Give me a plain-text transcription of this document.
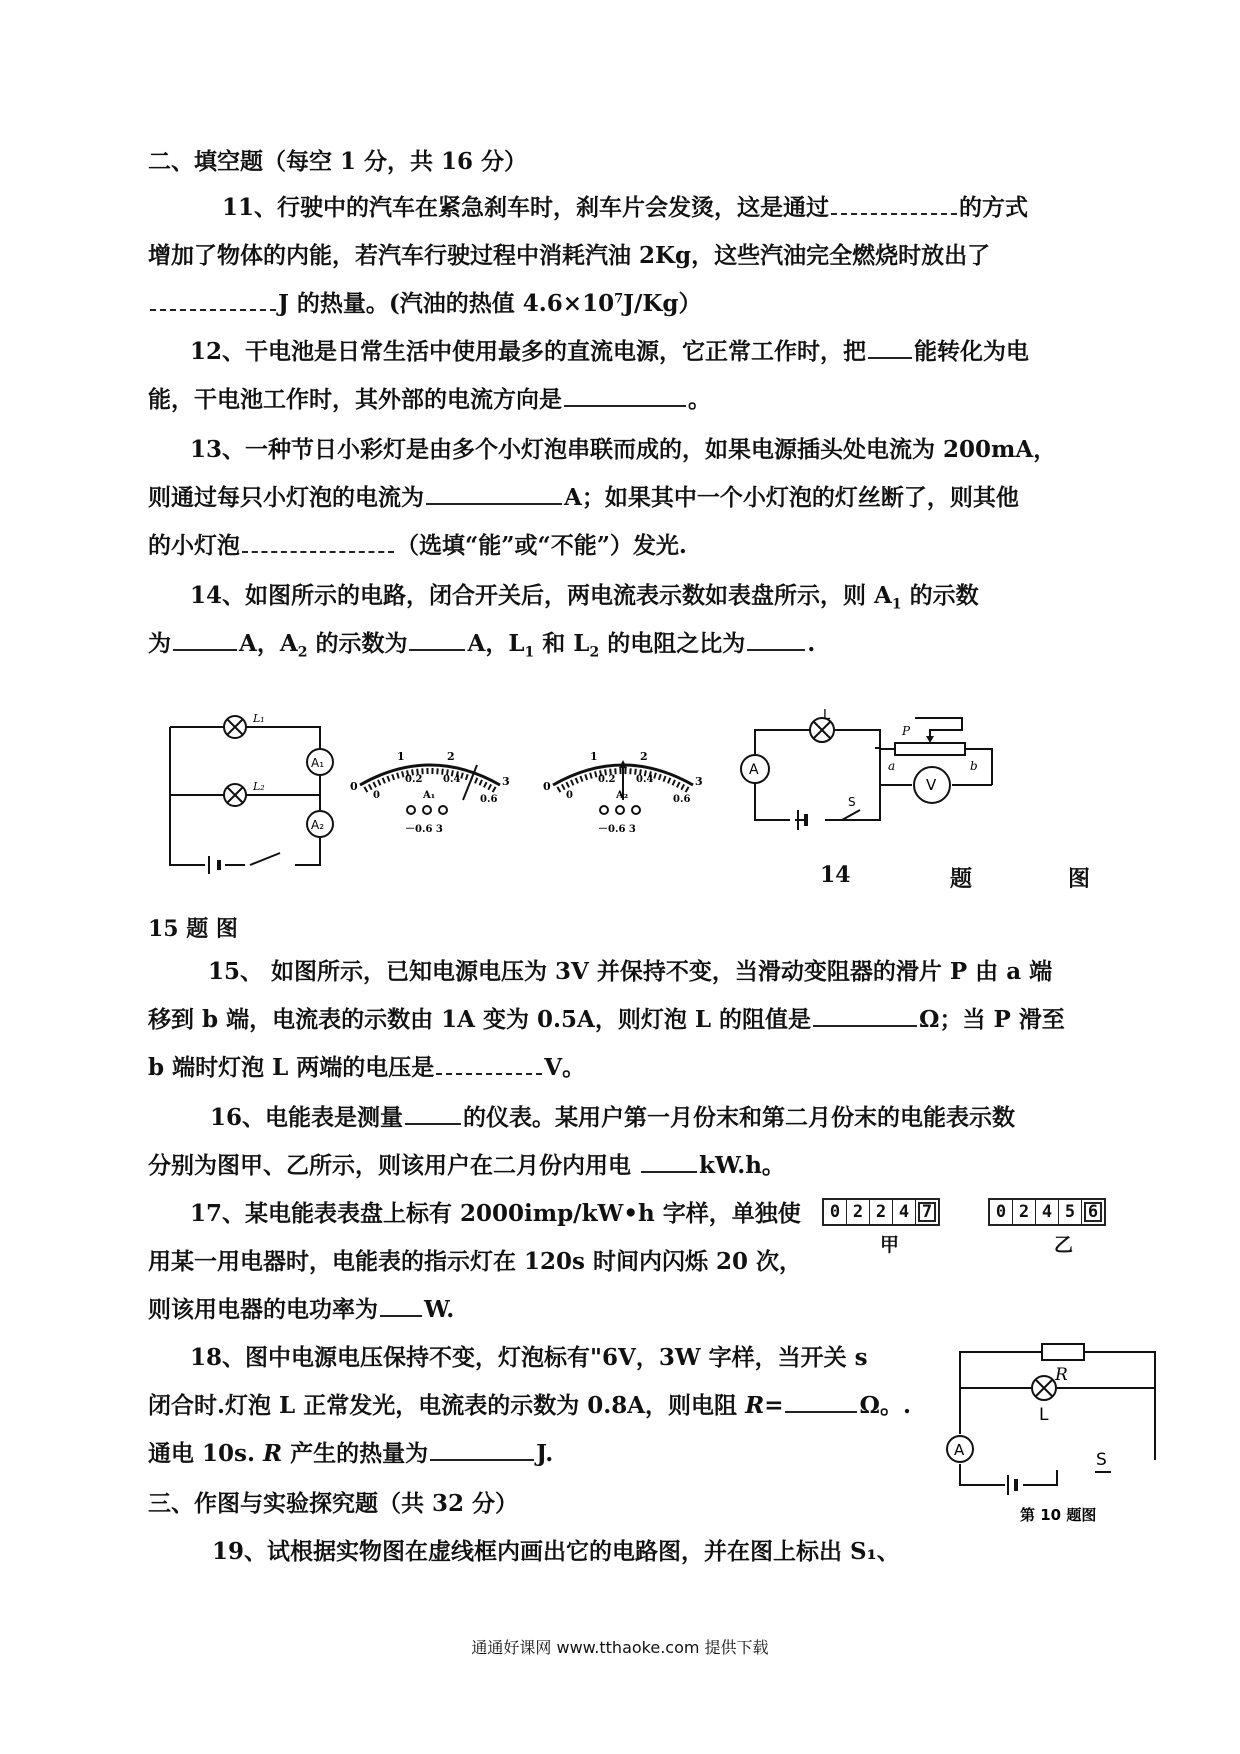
二、填空题（每空 1 分，共 16 分）
11、行驶中的汽车在紧急刹车时，刹车片会发烫，这是通过	的方式
增加了物体的内能，若汽车行驶过程中消耗汽油 2Kg，这些汽油完全燃烧时放出了
J 的热量。(汽油的热值 $4.6\times 10^7J/Kg$）
12、干电池是日常生活中使用最多的直流电源，它正常工作时，把 能转化为电
能，干电池工作时，其外部的电流方向是	。
13、一种节日小彩灯是由多个小灯泡串联而成的，如果电源插头处电流为 200mA，
则通过每只小灯泡的电流为	A；如果其中一个小灯泡的灯丝断了，则其他
的小灯泡	（选填“能”或“不能”）发光.
14、如图所示的电路，闭合开关后，两电流表示数如表盘所示，则 $A_1$ 的示数
为	A，$A_2$ 的示数为	A，$L_1$ 和 $L_2$ 的电阻之比为	.
L₁
L₂
A₁
A₂
0
1	2
3
0
0.2 0.4
0.6
A₁
－0.6 3
0
1	2
3
0
0.2 0.4
0.6
A₂
－0.6 3
L
P
a	b
V
A
S
14	题	图
15 题 图
15、 如图所示，已知电源电压为 3V 并保持不变，当滑动变阻器的滑片 P 由 a 端
移到 b 端，电流表的示数由 1A 变为 0.5A，则灯泡 L 的阻值是	Ω；当 P 滑至
b 端时灯泡 L 两端的电压是	V。
16、电能表是测量	的仪表。某用户第一月份末和第二月份末的电能表示数
分别为图甲、乙所示，则该用户在二月份内用电	kW.h。
0 2 2 4 7
甲
0 2 4 5 6
乙
17、某电能表表盘上标有 2000imp/kW•h 字样，单独使
用某一用电器时，电能表的指示灯在 120s 时间内闪烁 20 次，
则该用电器的电功率为 W.
18、图中电源电压保持不变，灯泡标有"6V，3W 字样，当开关 s
闭合时.灯泡 L 正常发光，电流表的示数为 0.8A，则电阻 R=	Ω。.
通电 10s. R 产生的热量为	J.
R
L
A	S
第 10 题图
三、作图与实验探究题（共 32 分）
19、试根据实物图在虚线框内画出它的电路图，并在图上标出 S₁、
通通好课网 www.tthaoke.com 提供下载
